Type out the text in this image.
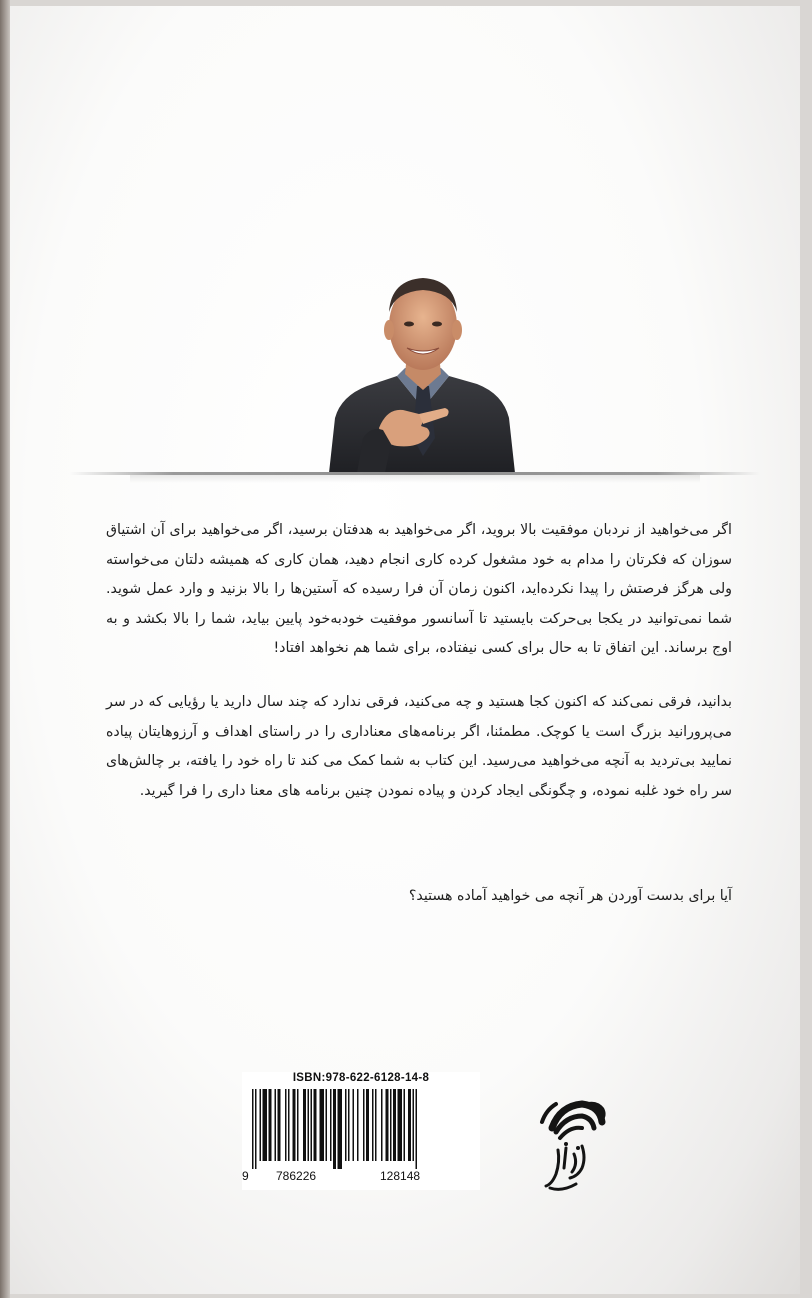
اگر می‌خواهید از نردبان موفقیت بالا بروید، اگر می‌خواهید به هدفتان برسید، اگر می‌خواهید برای آن اشتیاق سوزان که فکرتان را مدام به خود مشغول کرده کاری انجام دهید، همان کاری که همیشه دلتان می‌خواسته ولی هرگز فرصتش را پیدا نکرده‌اید، اکنون زمان آن فرا رسیده که آستین‌ها را بالا بزنید و وارد عمل شوید. شما نمی‌توانید در یکجا بی‌حرکت بایستید تا آسانسور موفقیت خودبه‌خود پایین بیاید، شما را بالا بکشد و به اوج برساند. این اتفاق تا به حال برای کسی نیفتاده، برای شما هم نخواهد افتاد!

بدانید، فرقی نمی‌کند که اکنون کجا هستید و چه می‌کنید، فرقی ندارد که چند سال دارید یا رؤیایی که در سر می‌پرورانید بزرگ است یا کوچک. مطمئنا، اگر برنامه‌های معناداری را در راستای اهداف و آرزوهایتان پیاده نمایید بی‌تردید به آنچه می‌خواهید می‌رسید. این کتاب به شما کمک می کند تا راه خود را یافته، بر چالش‌های سر راه خود غلبه نموده، و چگونگی ایجاد کردن و پیاده نمودن چنین برنامه های معنا داری را فرا گیرید.

آیا برای بدست آوردن هر آنچه می خواهید آماده هستید؟

ISBN:978-622-6128-14-8
9 786226	128148
